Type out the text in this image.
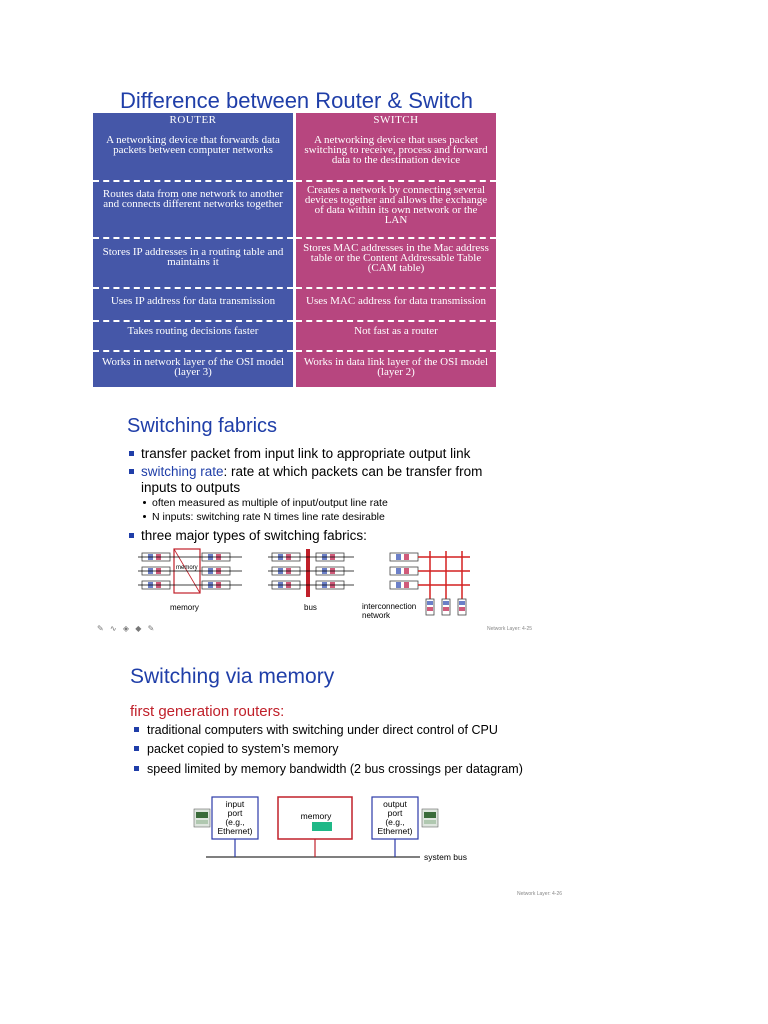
Difference between Router & Switch
ROUTER
A networking device that forwards data packets between computer networks
Routes data from one network to another and connects different networks together
Stores IP addresses in a routing table and maintains it
Uses IP address for data transmission
Takes routing decisions faster
Works in network layer of the OSI model (layer 3)
SWITCH
A networking device that uses packet switching to receive, process and forward data to the destination device
Creates a network by connecting several devices together and allows the exchange of data within its own network or the LAN
Stores MAC addresses in the Mac address table or the Content Addressable Table (CAM table)
Uses MAC address for data transmission
Not fast as a router
Works in data link layer of the OSI model (layer 2)
Switching fabrics
transfer packet from input link to appropriate output link
switching rate: rate at which packets can be transfer from
inputs to outputs
often measured as multiple of input/output line rate
N inputs: switching rate N times line rate desirable
three major types of switching fabrics:
memory
memory
bus	interconnection
network
✎ ∿ ◈ ◆ ✎	Network Layer: 4-25
Switching via memory
first generation routers:
traditional computers with switching under direct control of CPU
packet copied to system’s memory
speed limited by memory bandwidth (2 bus crossings per datagram)
input
port
(e.g.,
Ethernet)
memory
output
port
(e.g.,
Ethernet)
system bus
Network Layer: 4-26
